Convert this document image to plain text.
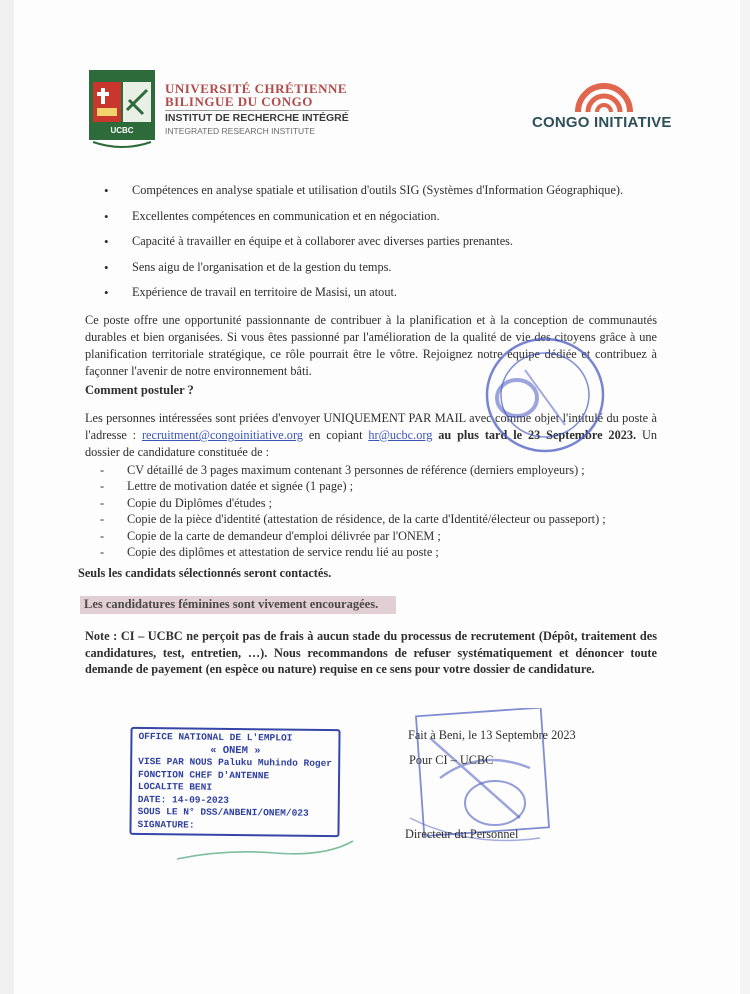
UCBC
UNIVERSITÉ CHRÉTIENNE
BILINGUE DU CONGO
INSTITUT DE RECHERCHE INTÉGRÉ
INTEGRATED RESEARCH INSTITUTE	CONGO INITIATIVE
• Compétences en analyse spatiale et utilisation d'outils SIG (Systèmes d'Information Géographique).
• Excellentes compétences en communication et en négociation.
• Capacité à travailler en équipe et à collaborer avec diverses parties prenantes.
• Sens aigu de l'organisation et de la gestion du temps.
• Expérience de travail en territoire de Masisi, un atout.
Ce poste offre une opportunité passionnante de contribuer à la planification et à la conception de communautés durables et bien organisées. Si vous êtes passionné par l'amélioration de la qualité de vie des citoyens grâce à une planification territoriale stratégique, ce rôle pourrait être le vôtre. Rejoignez notre équipe dédiée et contribuez à façonner l'avenir de notre environnement bâti.
Comment postuler ?
Les personnes intéressées sont priées d'envoyer UNIQUEMENT PAR MAIL avec comme objet l'intitulé du poste à l'adresse : recruitment@congoinitiative.org en copiant hr@ucbc.org au plus tard le 23 Septembre 2023. Un dossier de candidature constituée de :
- CV détaillé de 3 pages maximum contenant 3 personnes de référence (derniers employeurs) ;
- Lettre de motivation datée et signée (1 page) ;
- Copie du Diplômes d'études ;
- Copie de la pièce d'identité (attestation de résidence, de la carte d'Identité/électeur ou passeport) ;
- Copie de la carte de demandeur d'emploi délivrée par l'ONEM ;
- Copie des diplômes et attestation de service rendu lié au poste ;
Seuls les candidats sélectionnés seront contactés.
Les candidatures féminines sont vivement encouragées.
Note : CI – UCBC ne perçoit pas de frais à aucun stade du processus de recrutement (Dépôt, traitement des candidatures, test, entretien, …). Nous recommandons de refuser systématiquement et dénoncer toute demande de payement (en espèce ou nature) requise en ce sens pour votre dossier de candidature.
OFFICE NATIONAL DE L'EMPLOI
« ONEM »
VISE PAR NOUS Paluku Muhindo Roger
FONCTION CHEF D'ANTENNE
LOCALITE BENI
DATE: 14-09-2023
SOUS LE N° DSS/ANBENI/ONEM/023
SIGNATURE:
Fait à Beni, le 13 Septembre 2023
Pour CI – UCBC
Directeur du Personnel
